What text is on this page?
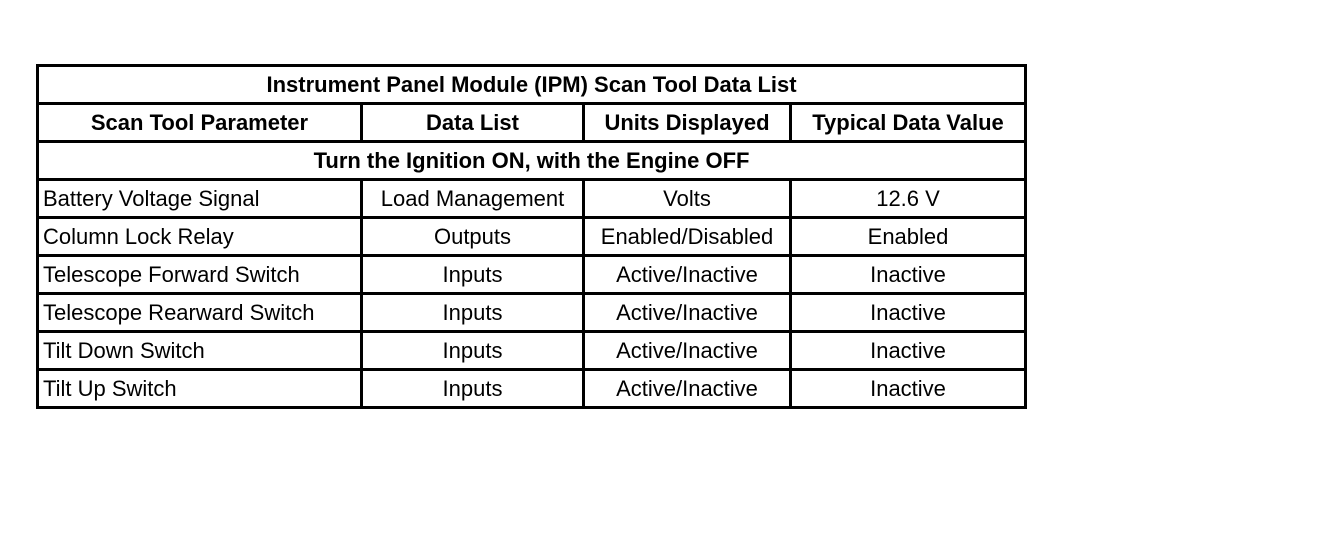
Instrument Panel Module (IPM) Scan Tool Data List			
Scan Tool Parameter	Data List	Units Displayed	Typical Data Value
Turn the Ignition ON, with the Engine OFF			
Battery Voltage Signal	Load Management	Volts	12.6 V
Column Lock Relay	Outputs	Enabled/Disabled	Enabled
Telescope Forward Switch	Inputs	Active/Inactive	Inactive
Telescope Rearward Switch	Inputs	Active/Inactive	Inactive
Tilt Down Switch	Inputs	Active/Inactive	Inactive
Tilt Up Switch	Inputs	Active/Inactive	Inactive
